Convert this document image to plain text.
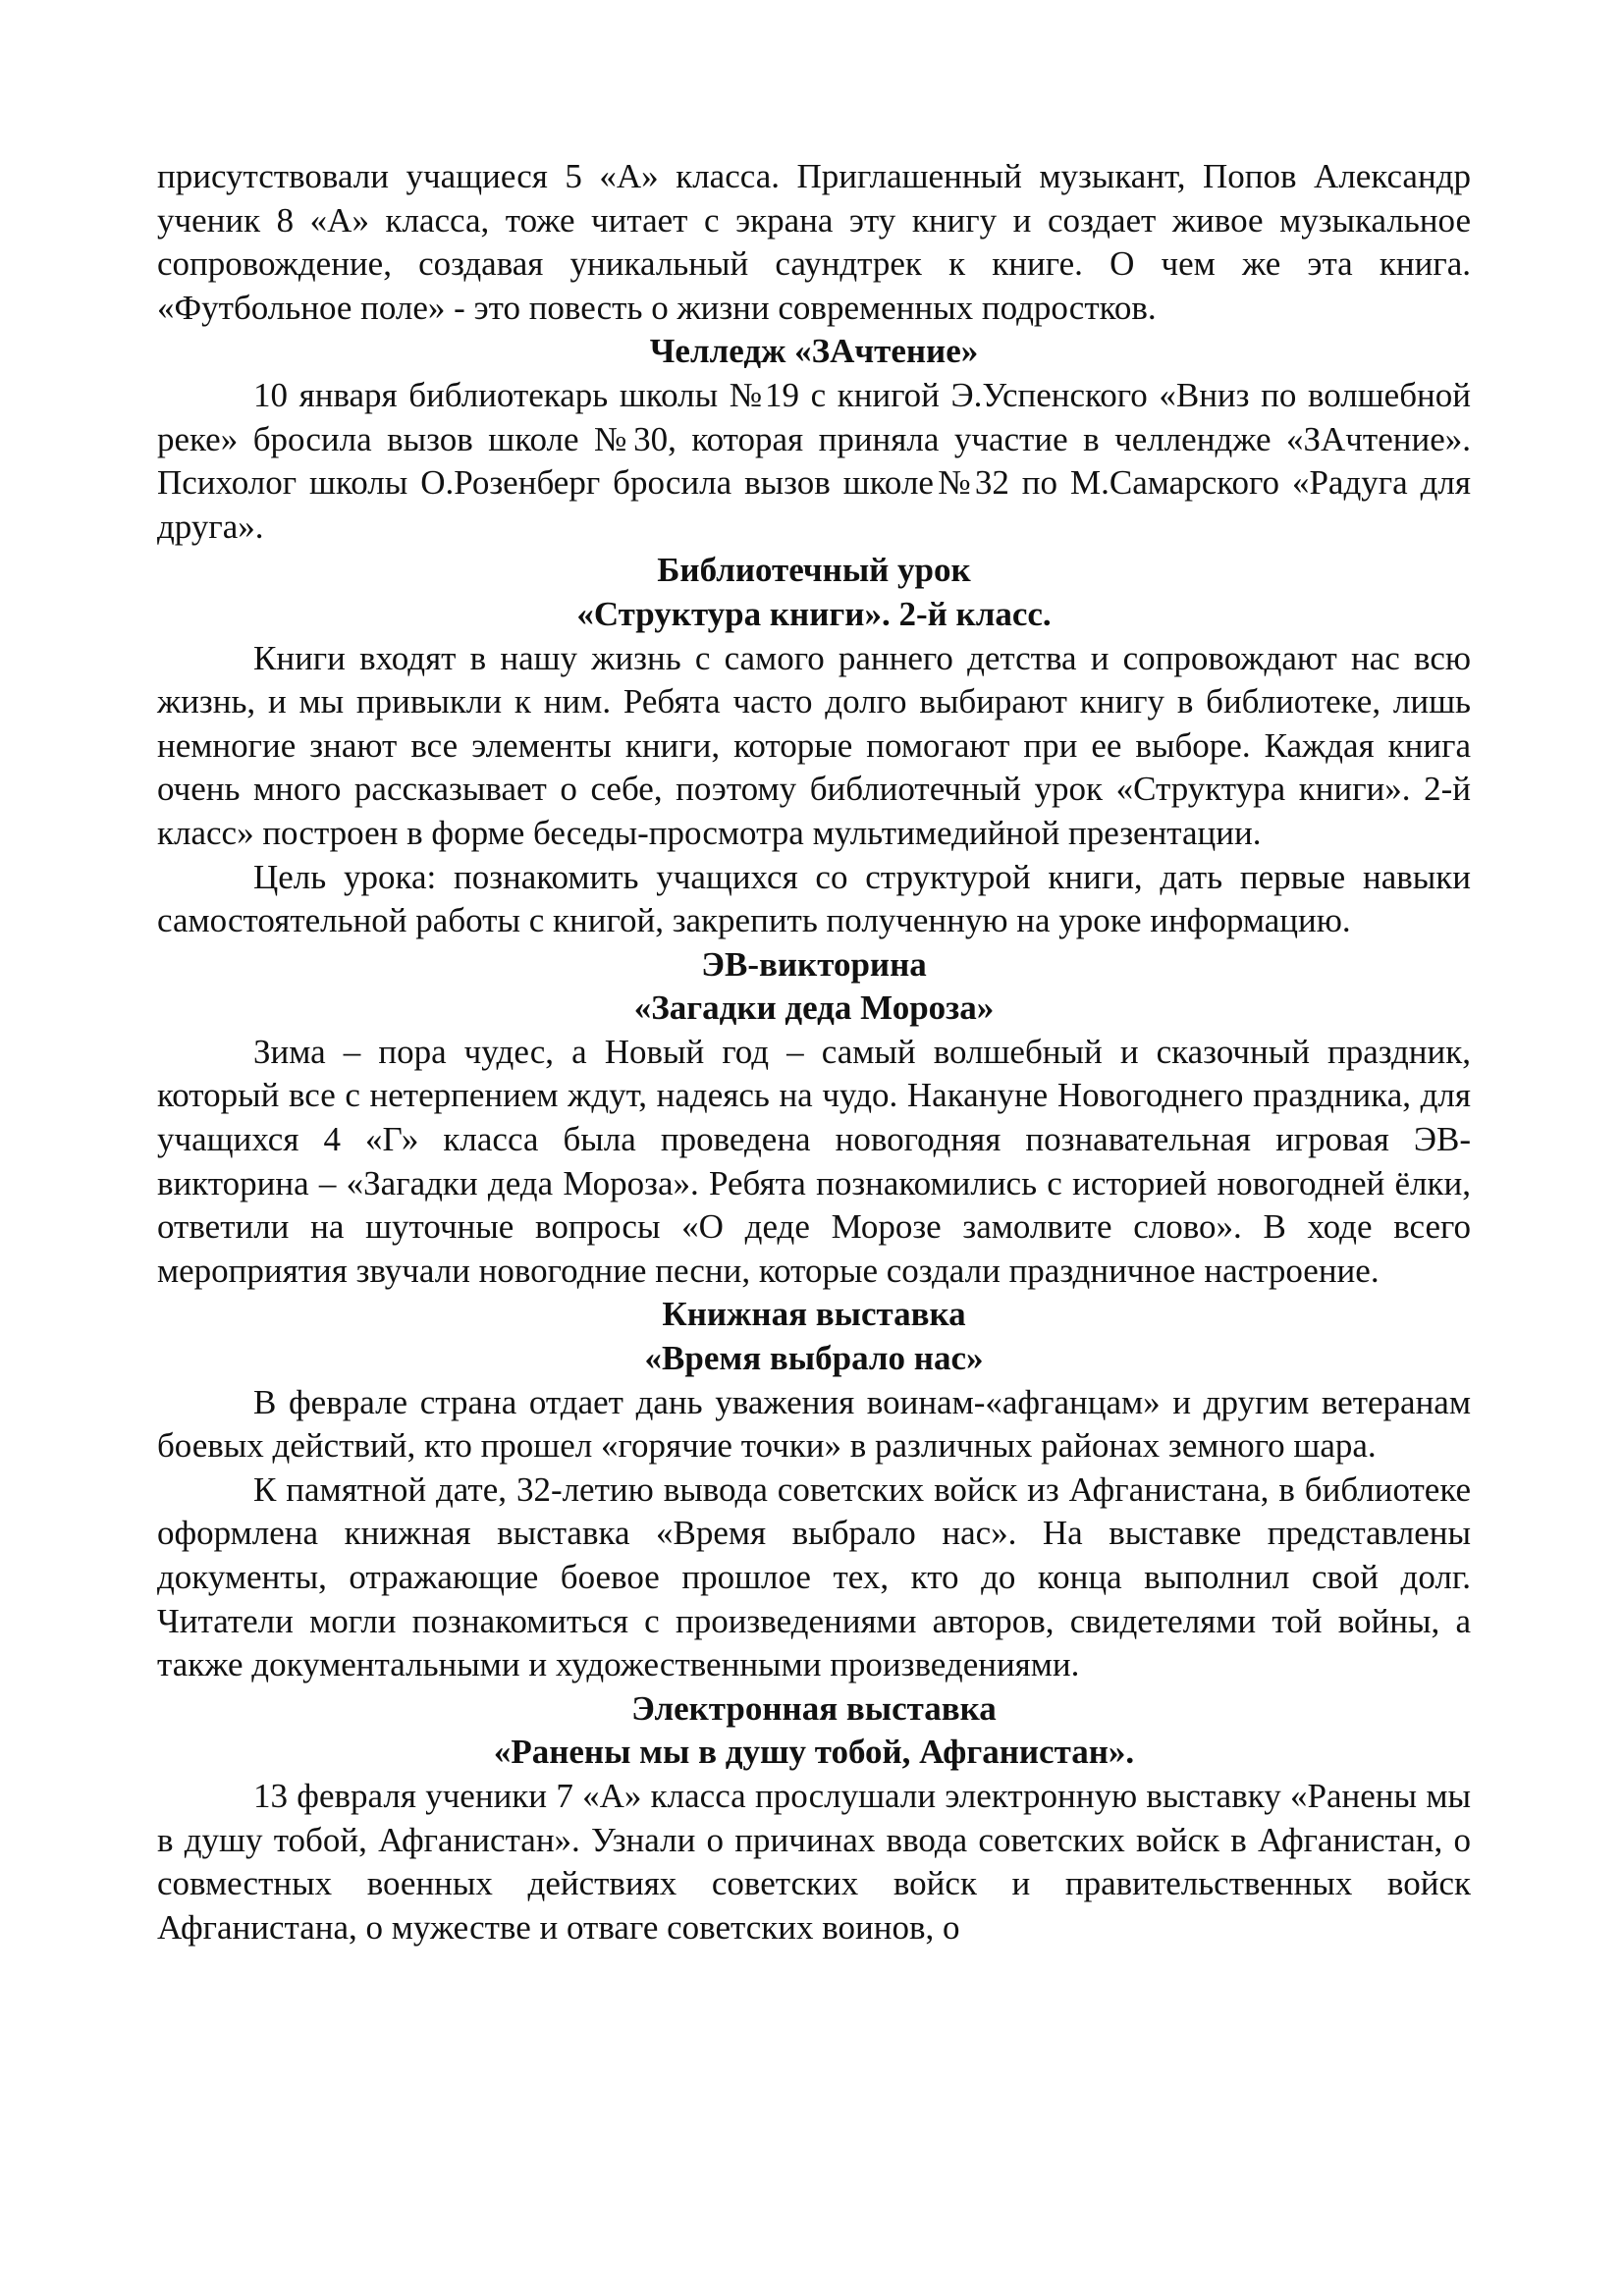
присутствовали учащиеся 5 «А» класса. Приглашенный музыкант, Попов Александр ученик 8 «А» класса, тоже читает с экрана эту книгу и создает живое музыкальное сопровождение, создавая уникальный саундтрек к книге. О чем же эта книга. «Футбольное поле» - это повесть о жизни современных подростков.

Челледж «ЗАчтение»

10 января библиотекарь школы №19 с книгой Э.Успенского «Вниз по волшебной реке» бросила вызов школе №30, которая приняла участие в челлендже «ЗАчтение». Психолог школы О.Розенберг бросила вызов школе№32 по М.Самарского «Радуга для друга».

Библиотечный урок

«Структура книги». 2-й класс.

Книги входят в нашу жизнь с самого раннего детства и сопровождают нас всю жизнь, и мы привыкли к ним. Ребята часто долго выбирают книгу в библиотеке, лишь немногие знают все элементы книги, которые помогают при ее выборе. Каждая книга очень много рассказывает о себе, поэтому библиотечный урок «Структура книги». 2-й класс» построен в форме беседы-просмотра мультимедийной презентации.

Цель урока: познакомить учащихся со структурой книги, дать первые навыки самостоятельной работы с книгой, закрепить полученную на уроке информацию.

ЭВ-викторина

«Загадки деда Мороза»

Зима – пора чудес, а Новый год – самый волшебный и сказочный праздник, который все с нетерпением ждут, надеясь на чудо. Накануне Новогоднего праздника, для учащихся 4 «Г» класса была проведена новогодняя познавательная игровая ЭВ-викторина – «Загадки деда Мороза». Ребята познакомились с историей новогодней ёлки, ответили на шуточные вопросы «О деде Морозе замолвите слово». В ходе всего мероприятия звучали новогодние песни, которые создали праздничное настроение.

Книжная выставка

«Время выбрало нас»

В феврале страна отдает дань уважения воинам-«афганцам» и другим ветеранам боевых действий, кто прошел «горячие точки» в различных районах земного шара.

К памятной дате, 32-летию вывода советских войск из Афганистана, в библиотеке оформлена книжная выставка «Время выбрало нас». На выставке представлены документы, отражающие боевое прошлое тех, кто до конца выполнил свой долг. Читатели могли познакомиться с произведениями авторов, свидетелями той войны, а также документальными и художественными произведениями.

Электронная выставка

«Ранены мы в душу тобой, Афганистан».

13 февраля ученики 7 «А» класса прослушали электронную выставку «Ранены мы в душу тобой, Афганистан». Узнали о причинах ввода советских войск в Афганистан, о совместных военных действиях советских войск и правительственных войск Афганистана, о мужестве и отваге советских воинов, о
